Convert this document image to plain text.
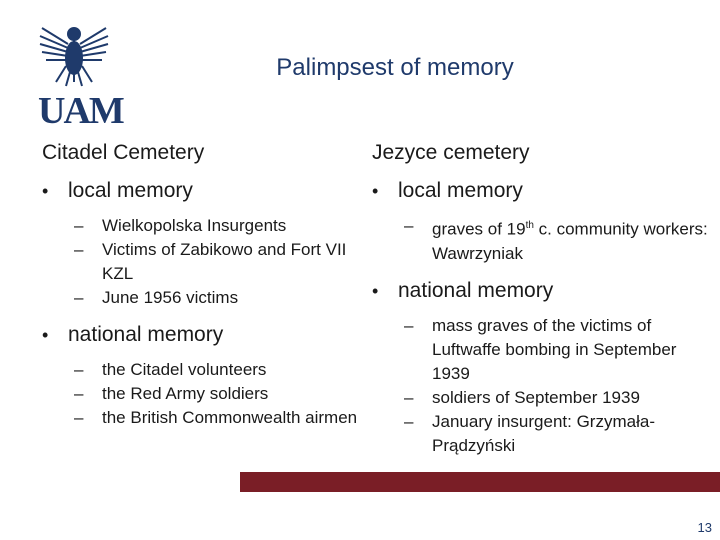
UAM
Palimpsest of memory
Citadel Cemetery
• local memory
–	Wielkopolska Insurgents
–	Victims of Zabikowo and Fort VII KZL
–	June 1956 victims
• national memory
–	the Citadel volunteers
–	the Red Army soldiers
–	the British Commonwealth airmen
Jezyce cemetery
• local memory
–	graves of 19th c. community workers: Wawrzyniak
• national memory
–	mass graves of the victims of Luftwaffe bombing in September 1939
–	soldiers of September 1939
–	January insurgent: Grzymała-Prądzyński
13
